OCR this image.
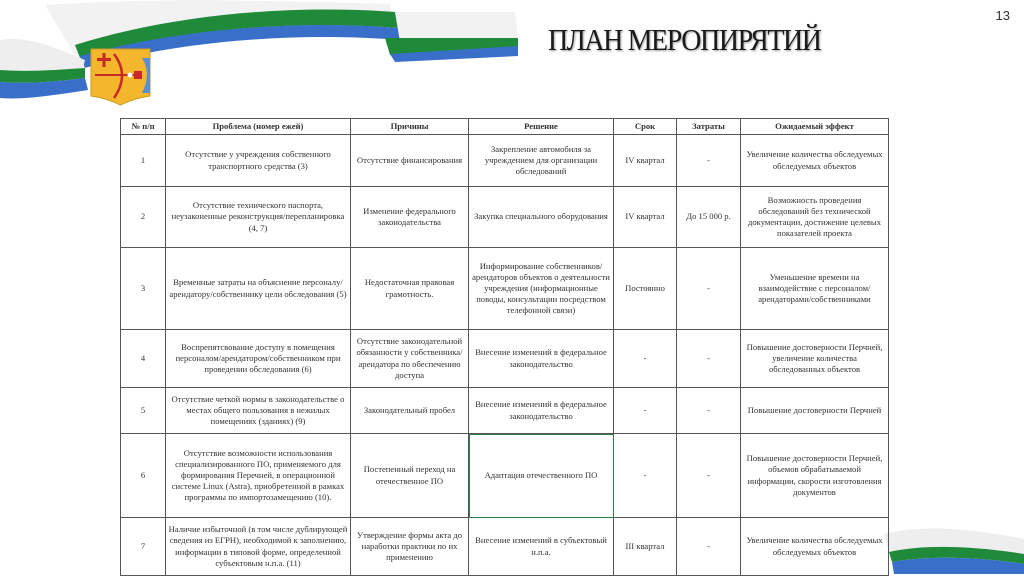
13
ПЛАН МЕРОПИРЯТИЙ
№ п/п	Проблема (номер ежей)	Причины	Решение	Срок	Затраты	Ожидаемый эффект
1	Отсутствие у учреждения собственного транспортного средства (3)	Отсутствие финансирования	Закрепление автомобиля за учреждением для организации обследований	IV квартал	-	Увеличение количества обследуемых обследуемых объектов
2	Отсутствие технического паспорта, неузаконенные реконструкция/перепланировка (4, 7)	Изменение федерального законодательства	Закупка специального оборудования	IV квартал	До 15 000 р.	Возможность проведения обследований без технической документации, достижение целевых показателей проекта
3	Временные затраты на объяснение персоналу/арендатору/собственнику цели обследования (5)	Недостаточная правовая грамотность.	Информирование собственников/арендаторов объектов о деятельности учреждения (информационные поводы, консультации посредством телефонной связи)	Постоянно	-	Уменьшение времени на взаимодействие с персоналом/арендаторами/собственниками
4	Воспрепятсвование доступу в помещения персоналом/арендатором/собственником при проведении обследования (6)	Отсутствие законодательной обязанности у собственника/арендатора по обеспечению доступа	Внесение изменений в федеральное законодательство	-	-	Повышение достоверности Перчней, увеличение количества обследованных объектов
5	Отсутствие четкой нормы в законодательстве о местах общего пользования в нежилых помещениях (зданиях) (9)	Законодательный пробел	Внесение изменений в федеральное законодательство	-	-	Повышение достоверности Перчней
6	Отсутствие возможности использования специализированного ПО, применяемого для формирования Перечней, в операционной системе Linux (Astra), приобретенной в рамках программы по импортозамещению (10).	Постепенный переход на отечественное ПО	Адаптация отечественного ПО	-	-	Повышение достоверности Перчней, объемов обрабатываемой информации, скорости изготовления документов
7	Наличие избыточной (в том числе дублирующей сведения из ЕГРН), необходимой к заполнению, информации в типовой форме, определенной субъектовым н.п.а. (11)	Утверждение формы акта до наработки практики по их применению	Внесение изменений в субъектовый н.п.а.	III квартал	-	Увеличение количества обследуемых обследуемых объектов
